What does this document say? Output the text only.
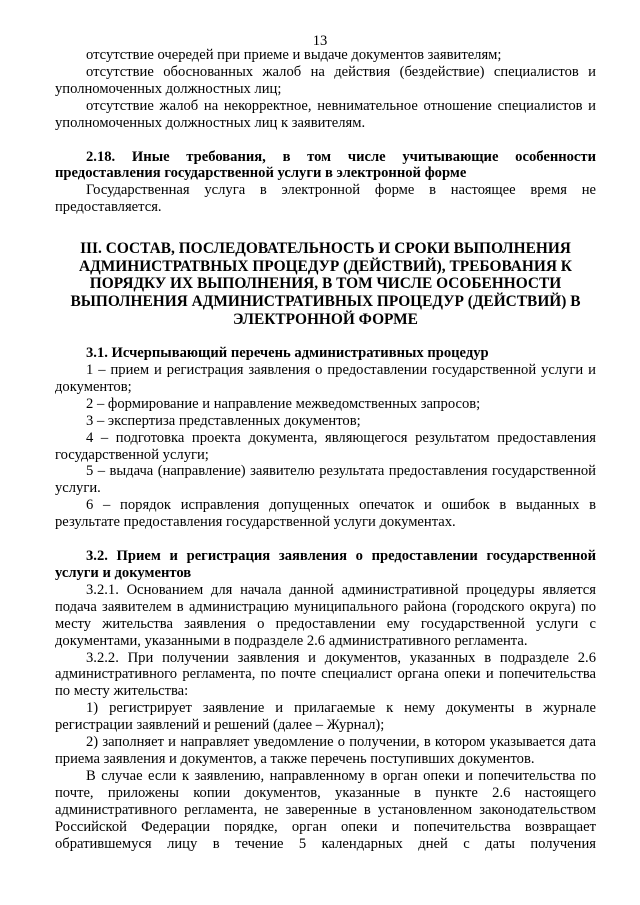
13

отсутствие очередей при приеме и выдаче документов заявителям;

отсутствие обоснованных жалоб на действия (бездействие) специалистов и уполномоченных должностных лиц;

отсутствие жалоб на некорректное, невнимательное отношение специалистов и уполномоченных должностных лиц к заявителям.

2.18. Иные требования, в том числе учитывающие особенности предоставления государственной услуги в электронной форме

Государственная услуга в электронной форме в настоящее время не предоставляется.

III. СОСТАВ, ПОСЛЕДОВАТЕЛЬНОСТЬ И СРОКИ ВЫПОЛНЕНИЯ АДМИНИСТРАТВНЫХ ПРОЦЕДУР (ДЕЙСТВИЙ), ТРЕБОВАНИЯ К ПОРЯДКУ ИХ ВЫПОЛНЕНИЯ, В ТОМ ЧИСЛЕ ОСОБЕННОСТИ ВЫПОЛНЕНИЯ АДМИНИСТРАТИВНЫХ ПРОЦЕДУР (ДЕЙСТВИЙ) В ЭЛЕКТРОННОЙ ФОРМЕ

3.1. Исчерпывающий перечень административных процедур

1 – прием и регистрация заявления о предоставлении государственной услуги и документов;

2 – формирование и направление межведомственных запросов;

3 – экспертиза представленных документов;

4 – подготовка проекта документа, являющегося результатом предоставления государственной услуги;

5 – выдача (направление) заявителю результата предоставления государственной услуги.

6 – порядок исправления допущенных опечаток и ошибок в выданных в результате предоставления государственной услуги документах.

3.2. Прием и регистрация заявления о предоставлении государственной услуги и документов

3.2.1. Основанием для начала данной административной процедуры является подача заявителем в администрацию муниципального района (городского округа) по месту жительства заявления о предоставлении ему государственной услуги с документами, указанными в подразделе 2.6 административного регламента.

3.2.2. При получении заявления и документов, указанных в подразделе 2.6 административного регламента, по почте специалист органа опеки и попечительства по месту жительства:

1) регистрирует заявление и прилагаемые к нему документы в журнале регистрации заявлений и решений (далее – Журнал);

2) заполняет и направляет уведомление о получении, в котором указывается дата приема заявления и документов, а также перечень поступивших документов.

В случае если к заявлению, направленному в орган опеки и попечительства по почте, приложены копии документов, указанные в пункте 2.6 настоящего административного регламента, не заверенные в установленном законодательством Российской Федерации порядке, орган опеки и попечительства возвращает обратившемуся лицу в течение 5 календарных дней с даты получения
